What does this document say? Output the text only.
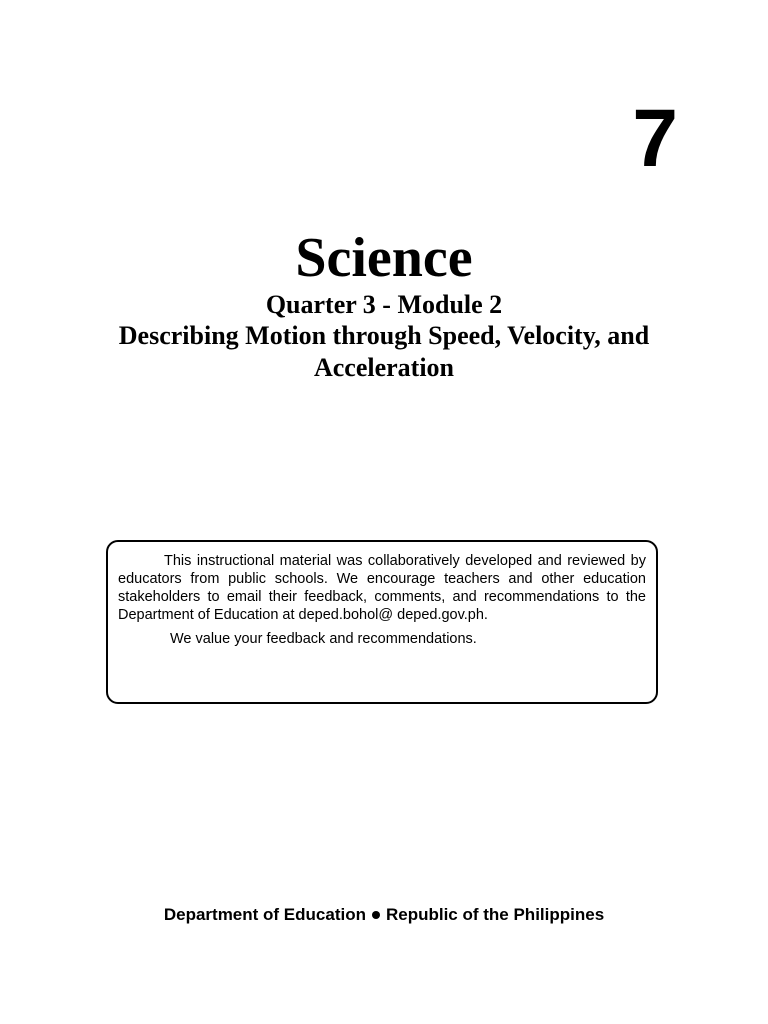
7
Science
Quarter 3 - Module 2
Describing Motion through Speed, Velocity, and Acceleration

This instructional material was collaboratively developed and reviewed by educators from public schools. We encourage teachers and other education stakeholders to email their feedback, comments, and recommendations to the Department of Education at deped.bohol@ deped.gov.ph.

We value your feedback and recommendations.

Department of Education Republic of the Philippines
